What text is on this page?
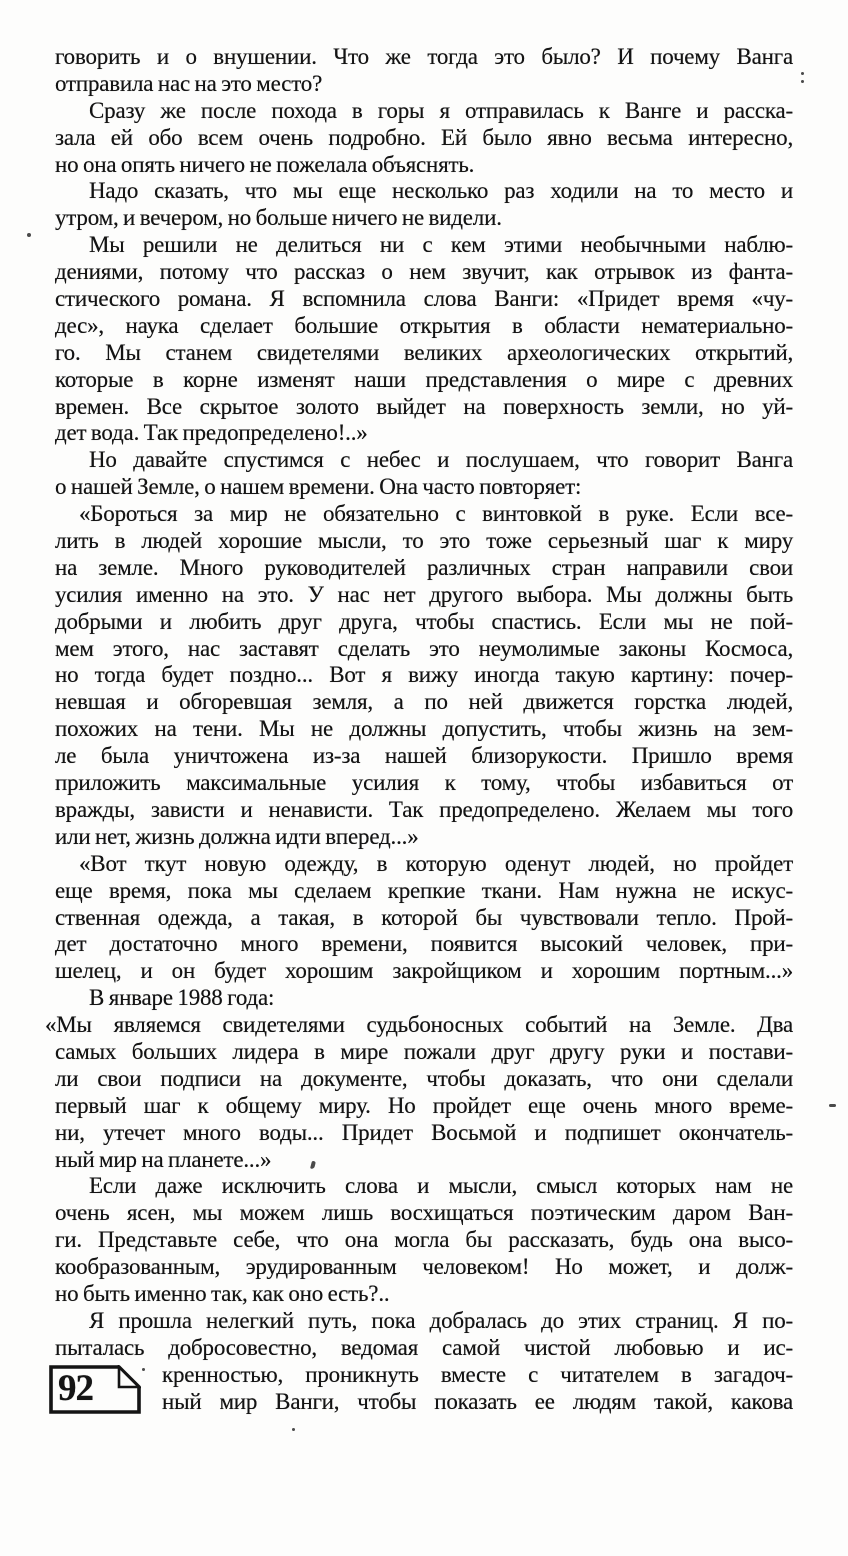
говорить и о внушении. Что же тогда это было? И почему Ванга
отправила нас на это место?
Сразу же после похода в горы я отправилась к Ванге и расска-
зала ей обо всем очень подробно. Ей было явно весьма интересно,
но она опять ничего не пожелала объяснять.
Надо сказать, что мы еще несколько раз ходили на то место и
утром, и вечером, но больше ничего не видели.
Мы решили не делиться ни с кем этими необычными наблю-
дениями, потому что рассказ о нем звучит, как отрывок из фанта-
стического романа. Я вспомнила слова Ванги: «Придет время «чу-
дес», наука сделает большие открытия в области нематериально-
го. Мы станем свидетелями великих археологических открытий,
которые в корне изменят наши представления о мире с древних
времен. Все скрытое золото выйдет на поверхность земли, но уй-
дет вода. Так предопределено!..»
Но давайте спустимся с небес и послушаем, что говорит Ванга
о нашей Земле, о нашем времени. Она часто повторяет:
«Бороться за мир не обязательно с винтовкой в руке. Если все-
лить в людей хорошие мысли, то это тоже серьезный шаг к миру
на земле. Много руководителей различных стран направили свои
усилия именно на это. У нас нет другого выбора. Мы должны быть
добрыми и любить друг друга, чтобы спастись. Если мы не пой-
мем этого, нас заставят сделать это неумолимые законы Космоса,
но тогда будет поздно... Вот я вижу иногда такую картину: почер-
невшая и обгоревшая земля, а по ней движется горстка людей,
похожих на тени. Мы не должны допустить, чтобы жизнь на зем-
ле была уничтожена из-за нашей близорукости. Пришло время
приложить максимальные усилия к тому, чтобы избавиться от
вражды, зависти и ненависти. Так предопределено. Желаем мы того
или нет, жизнь должна идти вперед...»
«Вот ткут новую одежду, в которую оденут людей, но пройдет
еще время, пока мы сделаем крепкие ткани. Нам нужна не искус-
ственная одежда, а такая, в которой бы чувствовали тепло. Прой-
дет достаточно много времени, появится высокий человек, при-
шелец, и он будет хорошим закройщиком и хорошим портным...»
В январе 1988 года:
«Мы являемся свидетелями судьбоносных событий на Земле. Два
самых больших лидера в мире пожали друг другу руки и постави-
ли свои подписи на документе, чтобы доказать, что они сделали
первый шаг к общему миру. Но пройдет еще очень много време-
ни, утечет много воды... Придет Восьмой и подпишет окончатель-
ный мир на планете...»
Если даже исключить слова и мысли, смысл которых нам не
очень ясен, мы можем лишь восхищаться поэтическим даром Ван-
ги. Представьте себе, что она могла бы рассказать, будь она высо-
кообразованным, эрудированным человеком! Но может, и долж-
но быть именно так, как оно есть?..
Я прошла нелегкий путь, пока добралась до этих страниц. Я по-
пыталась добросовестно, ведомая самой чистой любовью и ис-
кренностью, проникнуть вместе с читателем в загадоч-
ный мир Ванги, чтобы показать ее людям такой, какова
92
